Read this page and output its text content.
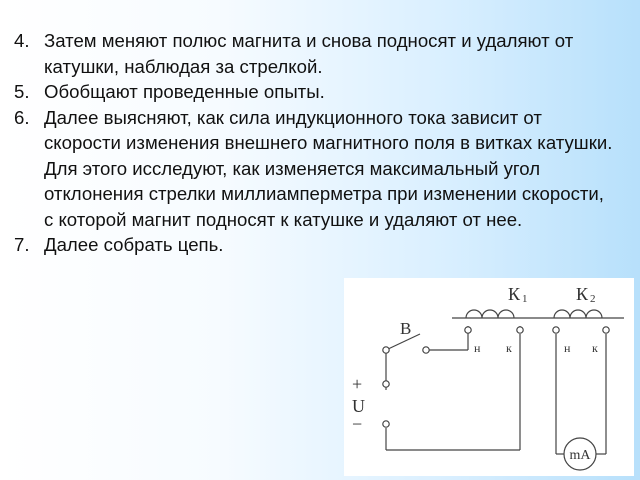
4. Затем меняют полюс магнита и снова подносят и удаляют от катушки, наблюдая за стрелкой.
5. Обобщают проведенные опыты.
6. Далее выясняют, как сила индукционного тока зависит от скорости изменения внешнего магнитного поля в витках катушки. Для этого исследуют, как изменяется максимальный угол отклонения стрелки миллиамперметра при изменении скорости, с которой магнит подносят к катушке и удаляют от нее.
7. Далее собрать цепь.
К 1	К 2
В
н к	н к
+
U
−
mA
